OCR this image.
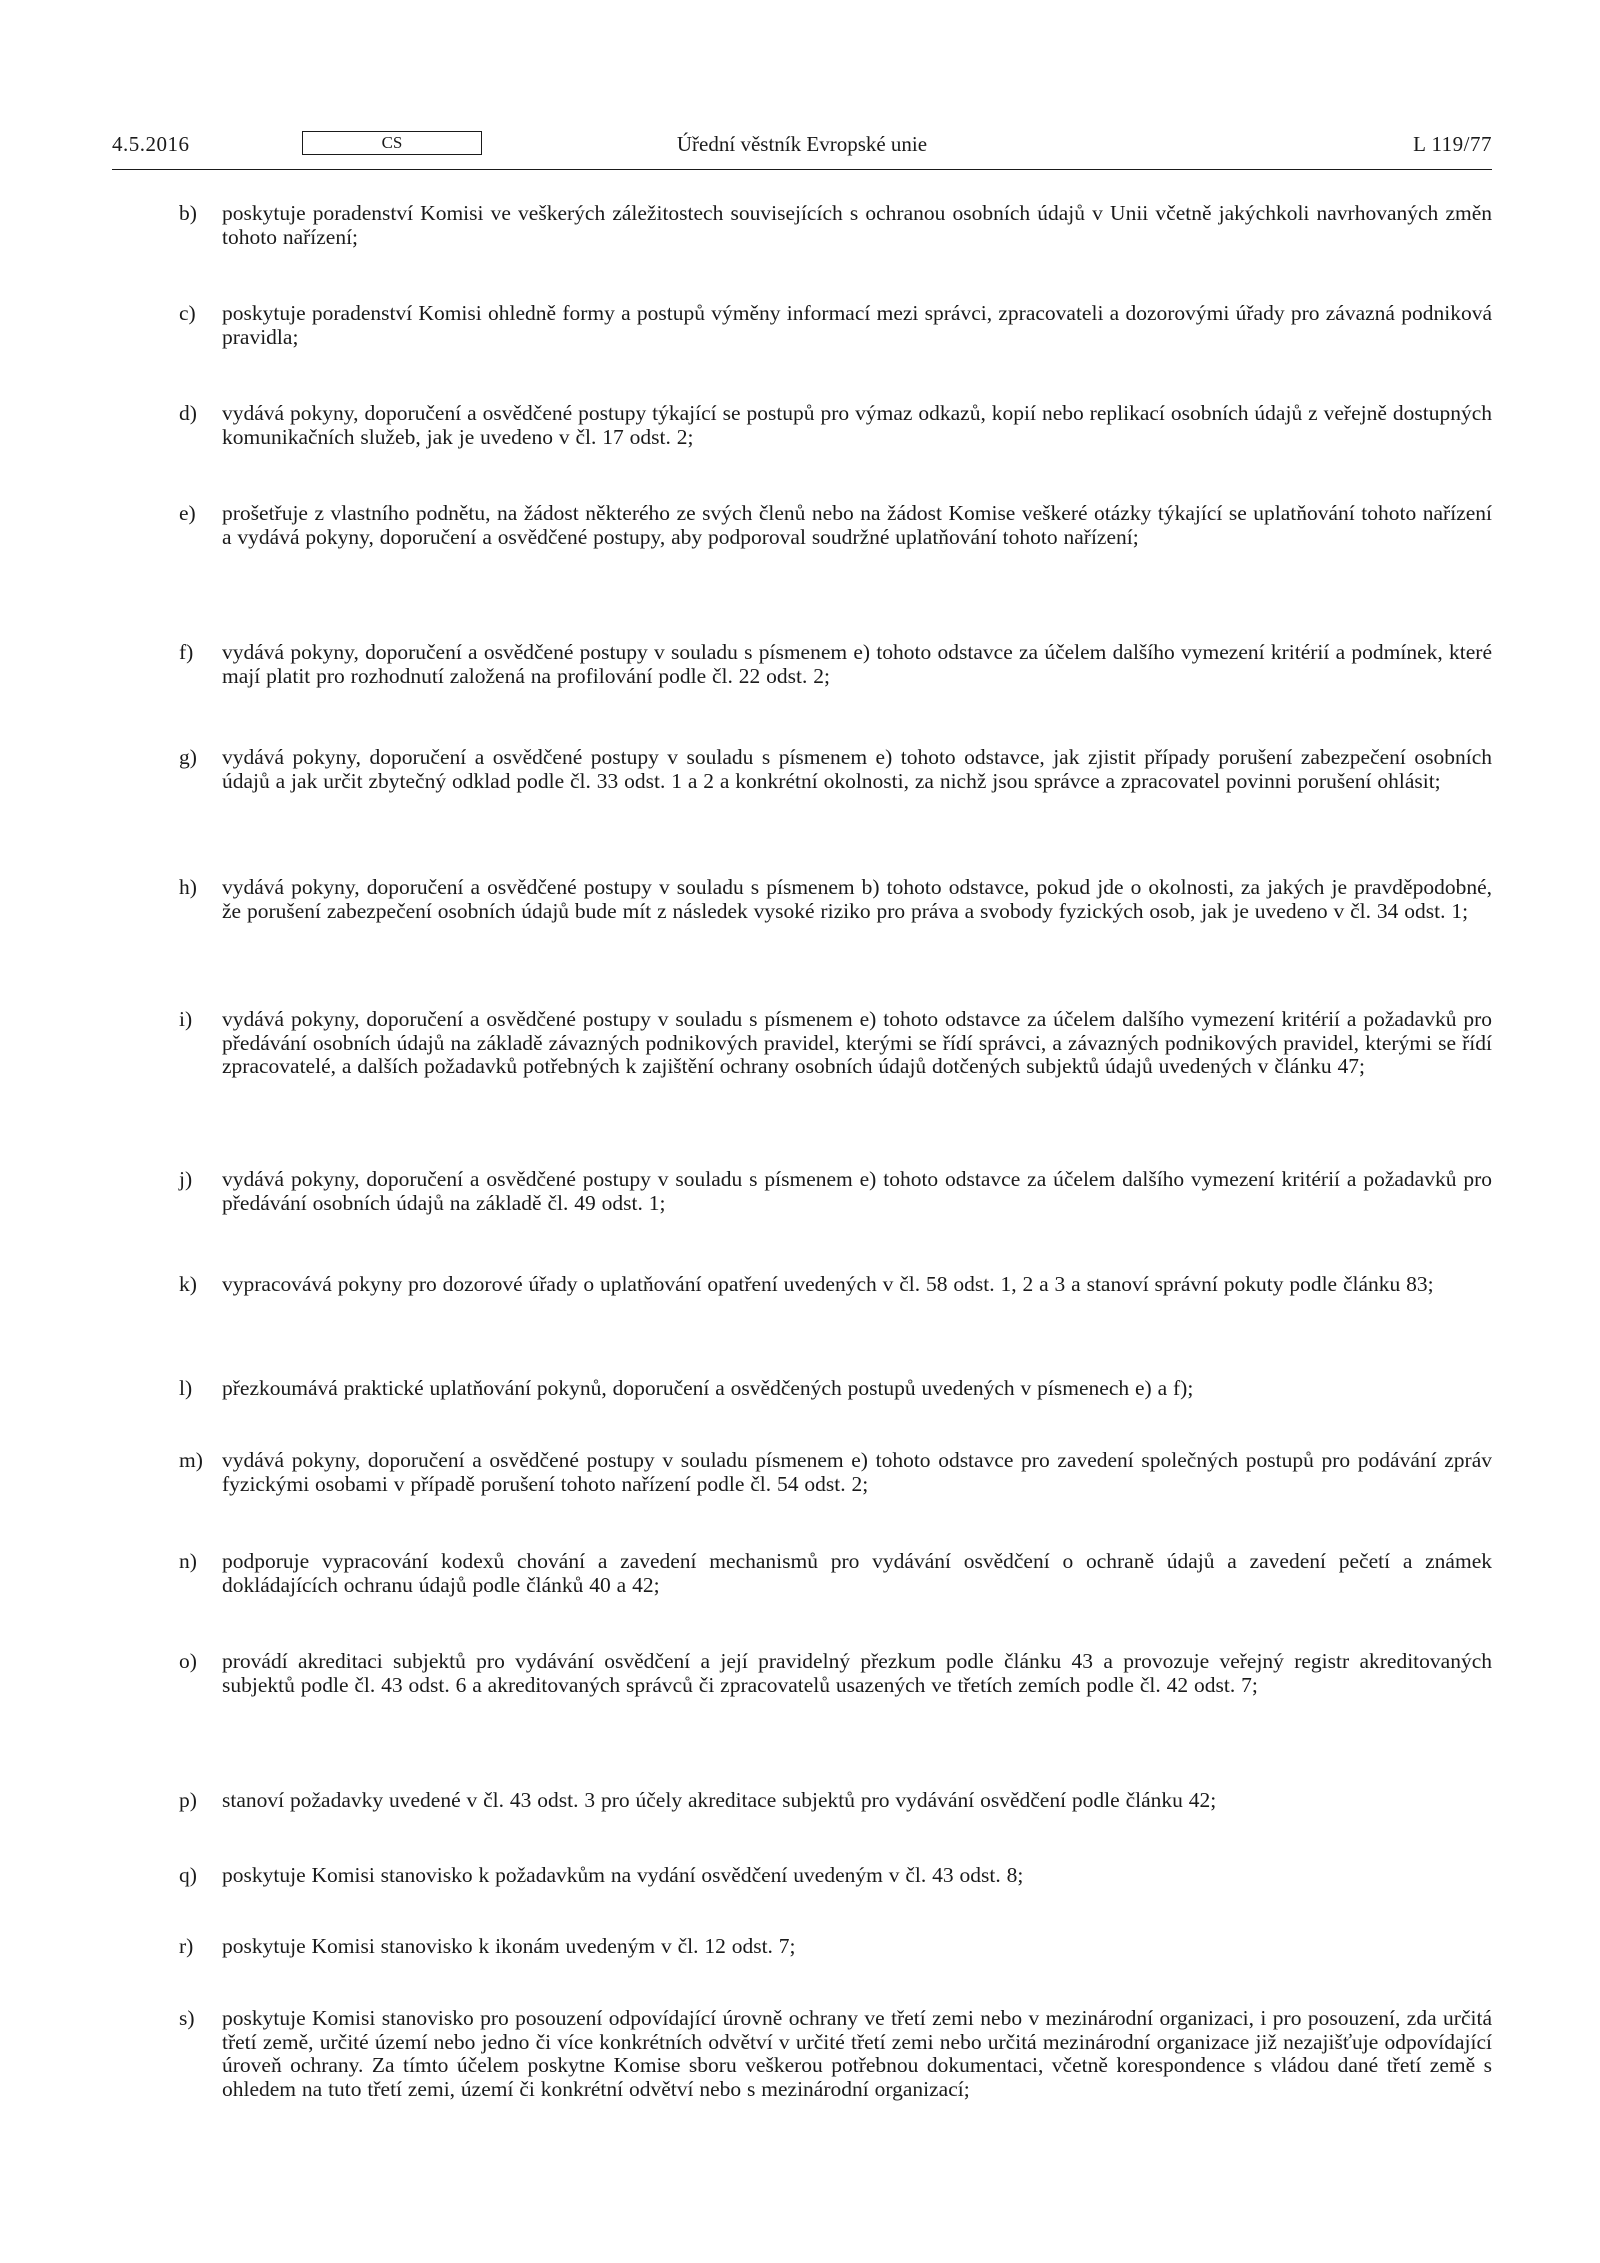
4.5.2016	CS	Úřední věstník Evropské unie	L 119/77
b) poskytuje poradenství Komisi ve veškerých záležitostech souvisejících s ochranou osobních údajů v Unii včetně jakýchkoli navrhovaných změn tohoto nařízení;
c) poskytuje poradenství Komisi ohledně formy a postupů výměny informací mezi správci, zpracovateli a dozorovými úřady pro závazná podniková pravidla;
d) vydává pokyny, doporučení a osvědčené postupy týkající se postupů pro výmaz odkazů, kopií nebo replikací osobních údajů z veřejně dostupných komunikačních služeb, jak je uvedeno v čl. 17 odst. 2;
e) prošetřuje z vlastního podnětu, na žádost některého ze svých členů nebo na žádost Komise veškeré otázky týkající se uplatňování tohoto nařízení a vydává pokyny, doporučení a osvědčené postupy, aby podporoval soudržné uplatňování tohoto nařízení;
f) vydává pokyny, doporučení a osvědčené postupy v souladu s písmenem e) tohoto odstavce za účelem dalšího vymezení kritérií a podmínek, které mají platit pro rozhodnutí založená na profilování podle čl. 22 odst. 2;
g) vydává pokyny, doporučení a osvědčené postupy v souladu s písmenem e) tohoto odstavce, jak zjistit případy porušení zabezpečení osobních údajů a jak určit zbytečný odklad podle čl. 33 odst. 1 a 2 a konkrétní okolnosti, za nichž jsou správce a zpracovatel povinni porušení ohlásit;
h) vydává pokyny, doporučení a osvědčené postupy v souladu s písmenem b) tohoto odstavce, pokud jde o okolnosti, za jakých je pravděpodobné, že porušení zabezpečení osobních údajů bude mít z následek vysoké riziko pro práva a svobody fyzických osob, jak je uvedeno v čl. 34 odst. 1;
i) vydává pokyny, doporučení a osvědčené postupy v souladu s písmenem e) tohoto odstavce za účelem dalšího vymezení kritérií a požadavků pro předávání osobních údajů na základě závazných podnikových pravidel, kterými se řídí správci, a závazných podnikových pravidel, kterými se řídí zpracovatelé, a dalších požadavků potřebných k zajištění ochrany osobních údajů dotčených subjektů údajů uvedených v článku 47;
j) vydává pokyny, doporučení a osvědčené postupy v souladu s písmenem e) tohoto odstavce za účelem dalšího vymezení kritérií a požadavků pro předávání osobních údajů na základě čl. 49 odst. 1;
k) vypracovává pokyny pro dozorové úřady o uplatňování opatření uvedených v čl. 58 odst. 1, 2 a 3 a stanoví správní pokuty podle článku 83;
l) přezkoumává praktické uplatňování pokynů, doporučení a osvědčených postupů uvedených v písmenech e) a f);
m) vydává pokyny, doporučení a osvědčené postupy v souladu písmenem e) tohoto odstavce pro zavedení společných postupů pro podávání zpráv fyzickými osobami v případě porušení tohoto nařízení podle čl. 54 odst. 2;
n) podporuje vypracování kodexů chování a zavedení mechanismů pro vydávání osvědčení o ochraně údajů a zavedení pečetí a známek dokládajících ochranu údajů podle článků 40 a 42;
o) provádí akreditaci subjektů pro vydávání osvědčení a její pravidelný přezkum podle článku 43 a provozuje veřejný registr akreditovaných subjektů podle čl. 43 odst. 6 a akreditovaných správců či zpracovatelů usazených ve třetích zemích podle čl. 42 odst. 7;
p) stanoví požadavky uvedené v čl. 43 odst. 3 pro účely akreditace subjektů pro vydávání osvědčení podle článku 42;
q) poskytuje Komisi stanovisko k požadavkům na vydání osvědčení uvedeným v čl. 43 odst. 8;
r) poskytuje Komisi stanovisko k ikonám uvedeným v čl. 12 odst. 7;
s) poskytuje Komisi stanovisko pro posouzení odpovídající úrovně ochrany ve třetí zemi nebo v mezinárodní organizaci, i pro posouzení, zda určitá třetí země, určité území nebo jedno či více konkrétních odvětví v určité třetí zemi nebo určitá mezinárodní organizace již nezajišťuje odpovídající úroveň ochrany. Za tímto účelem poskytne Komise sboru veškerou potřebnou dokumentaci, včetně korespondence s vládou dané třetí země s ohledem na tuto třetí zemi, území či konkrétní odvětví nebo s mezinárodní organizací;
